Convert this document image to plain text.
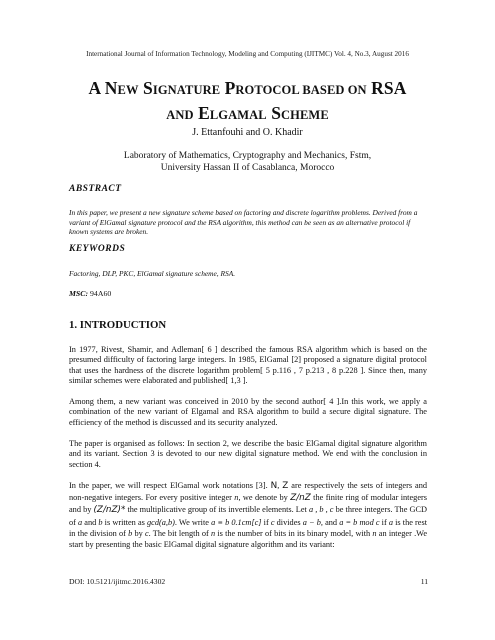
International Journal of Information Technology, Modeling and Computing (IJITMC) Vol. 4, No.3, August 2016
A NEW SIGNATURE PROTOCOL BASED ON RSA
AND ELGAMAL SCHEME
J. Ettanfouhi and O. Khadir
Laboratory of Mathematics, Cryptography and Mechanics, Fstm,
University Hassan II of Casablanca, Morocco
ABSTRACT
In this paper, we present a new signature scheme based on factoring and discrete logarithm problems. Derived from a variant of ElGamal signature protocol and the RSA algorithm, this method can be seen as an alternative protocol if known systems are broken.
KEYWORDS
Factoring, DLP, PKC, ElGamal signature scheme, RSA.
MSC: 94A60
1. INTRODUCTION
In 1977, Rivest, Shamir, and Adleman[ 6 ] described the famous RSA algorithm which is based on the presumed difficulty of factoring large integers. In 1985, ElGamal [2] proposed a signature digital protocol that uses the hardness of the discrete logarithm problem[ 5 p.116 , 7 p.213 , 8 p.228 ]. Since then, many similar schemes were elaborated and published[ 1,3 ].
Among them, a new variant was conceived in 2010 by the second author[ 4 ].In this work, we apply a combination of the new variant of Elgamal and RSA algorithm to build a secure digital signature. The efficiency of the method is discussed and its security analyzed.
The paper is organised as follows: In section 2, we describe the basic ElGamal digital signature algorithm and its variant. Section 3 is devoted to our new digital signature method. We end with the conclusion in section 4.
In the paper, we will respect ElGamal work notations [3]. N, Z are respectively the sets of integers and non-negative integers. For every positive integer n, we denote by Z/nZ the finite ring of modular integers and by (Z/nZ)* the multiplicative group of its invertible elements. Let a , b , c be three integers. The GCD of a and b is written as gcd(a,b). We write a ≡ b 0.1cm[c] if c divides a − b, and a = b mod c if a is the rest in the division of b by c. The bit length of n is the number of bits in its binary model, with n an integer .We start by presenting the basic ElGamal digital signature algorithm and its variant:
DOI: 10.5121/ijitmc.2016.4302	11
